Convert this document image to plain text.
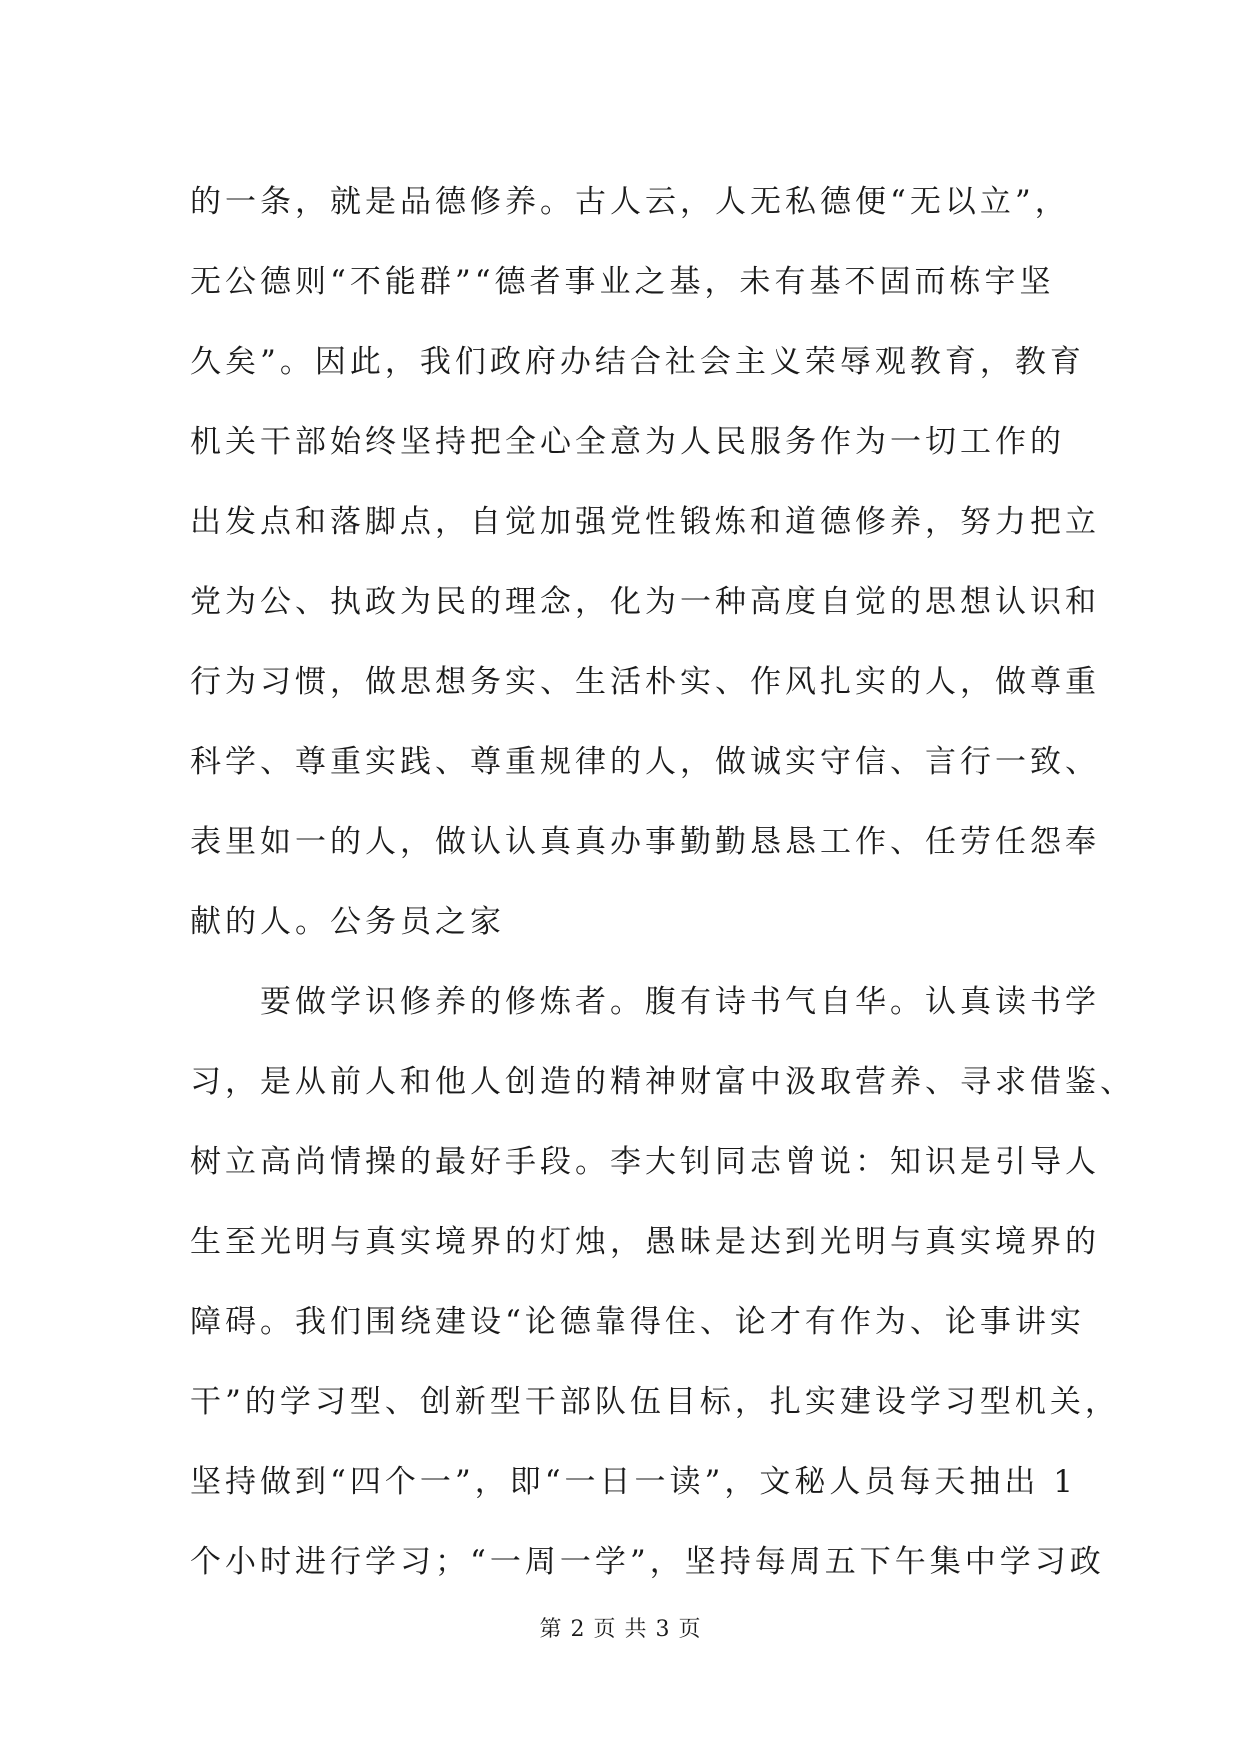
的一条，就是品德修养。古人云，人无私德便“无以立”，
无公德则“不能群”“德者事业之基，未有基不固而栋宇坚
久矣”。因此，我们政府办结合社会主义荣辱观教育，教育
机关干部始终坚持把全心全意为人民服务作为一切工作的
出发点和落脚点，自觉加强党性锻炼和道德修养，努力把立
党为公、执政为民的理念，化为一种高度自觉的思想认识和
行为习惯，做思想务实、生活朴实、作风扎实的人，做尊重
科学、尊重实践、尊重规律的人，做诚实守信、言行一致、
表里如一的人，做认认真真办事勤勤恳恳工作、任劳任怨奉
献的人。公务员之家
　　要做学识修养的修炼者。腹有诗书气自华。认真读书学
习，是从前人和他人创造的精神财富中汲取营养、寻求借鉴、
树立高尚情操的最好手段。李大钊同志曾说：知识是引导人
生至光明与真实境界的灯烛，愚昧是达到光明与真实境界的
障碍。我们围绕建设“论德靠得住、论才有作为、论事讲实
干”的学习型、创新型干部队伍目标，扎实建设学习型机关，
坚持做到“四个一”，即“一日一读”，文秘人员每天抽出 1
个小时进行学习；“一周一学”，坚持每周五下午集中学习政
第 2 页 共 3 页
